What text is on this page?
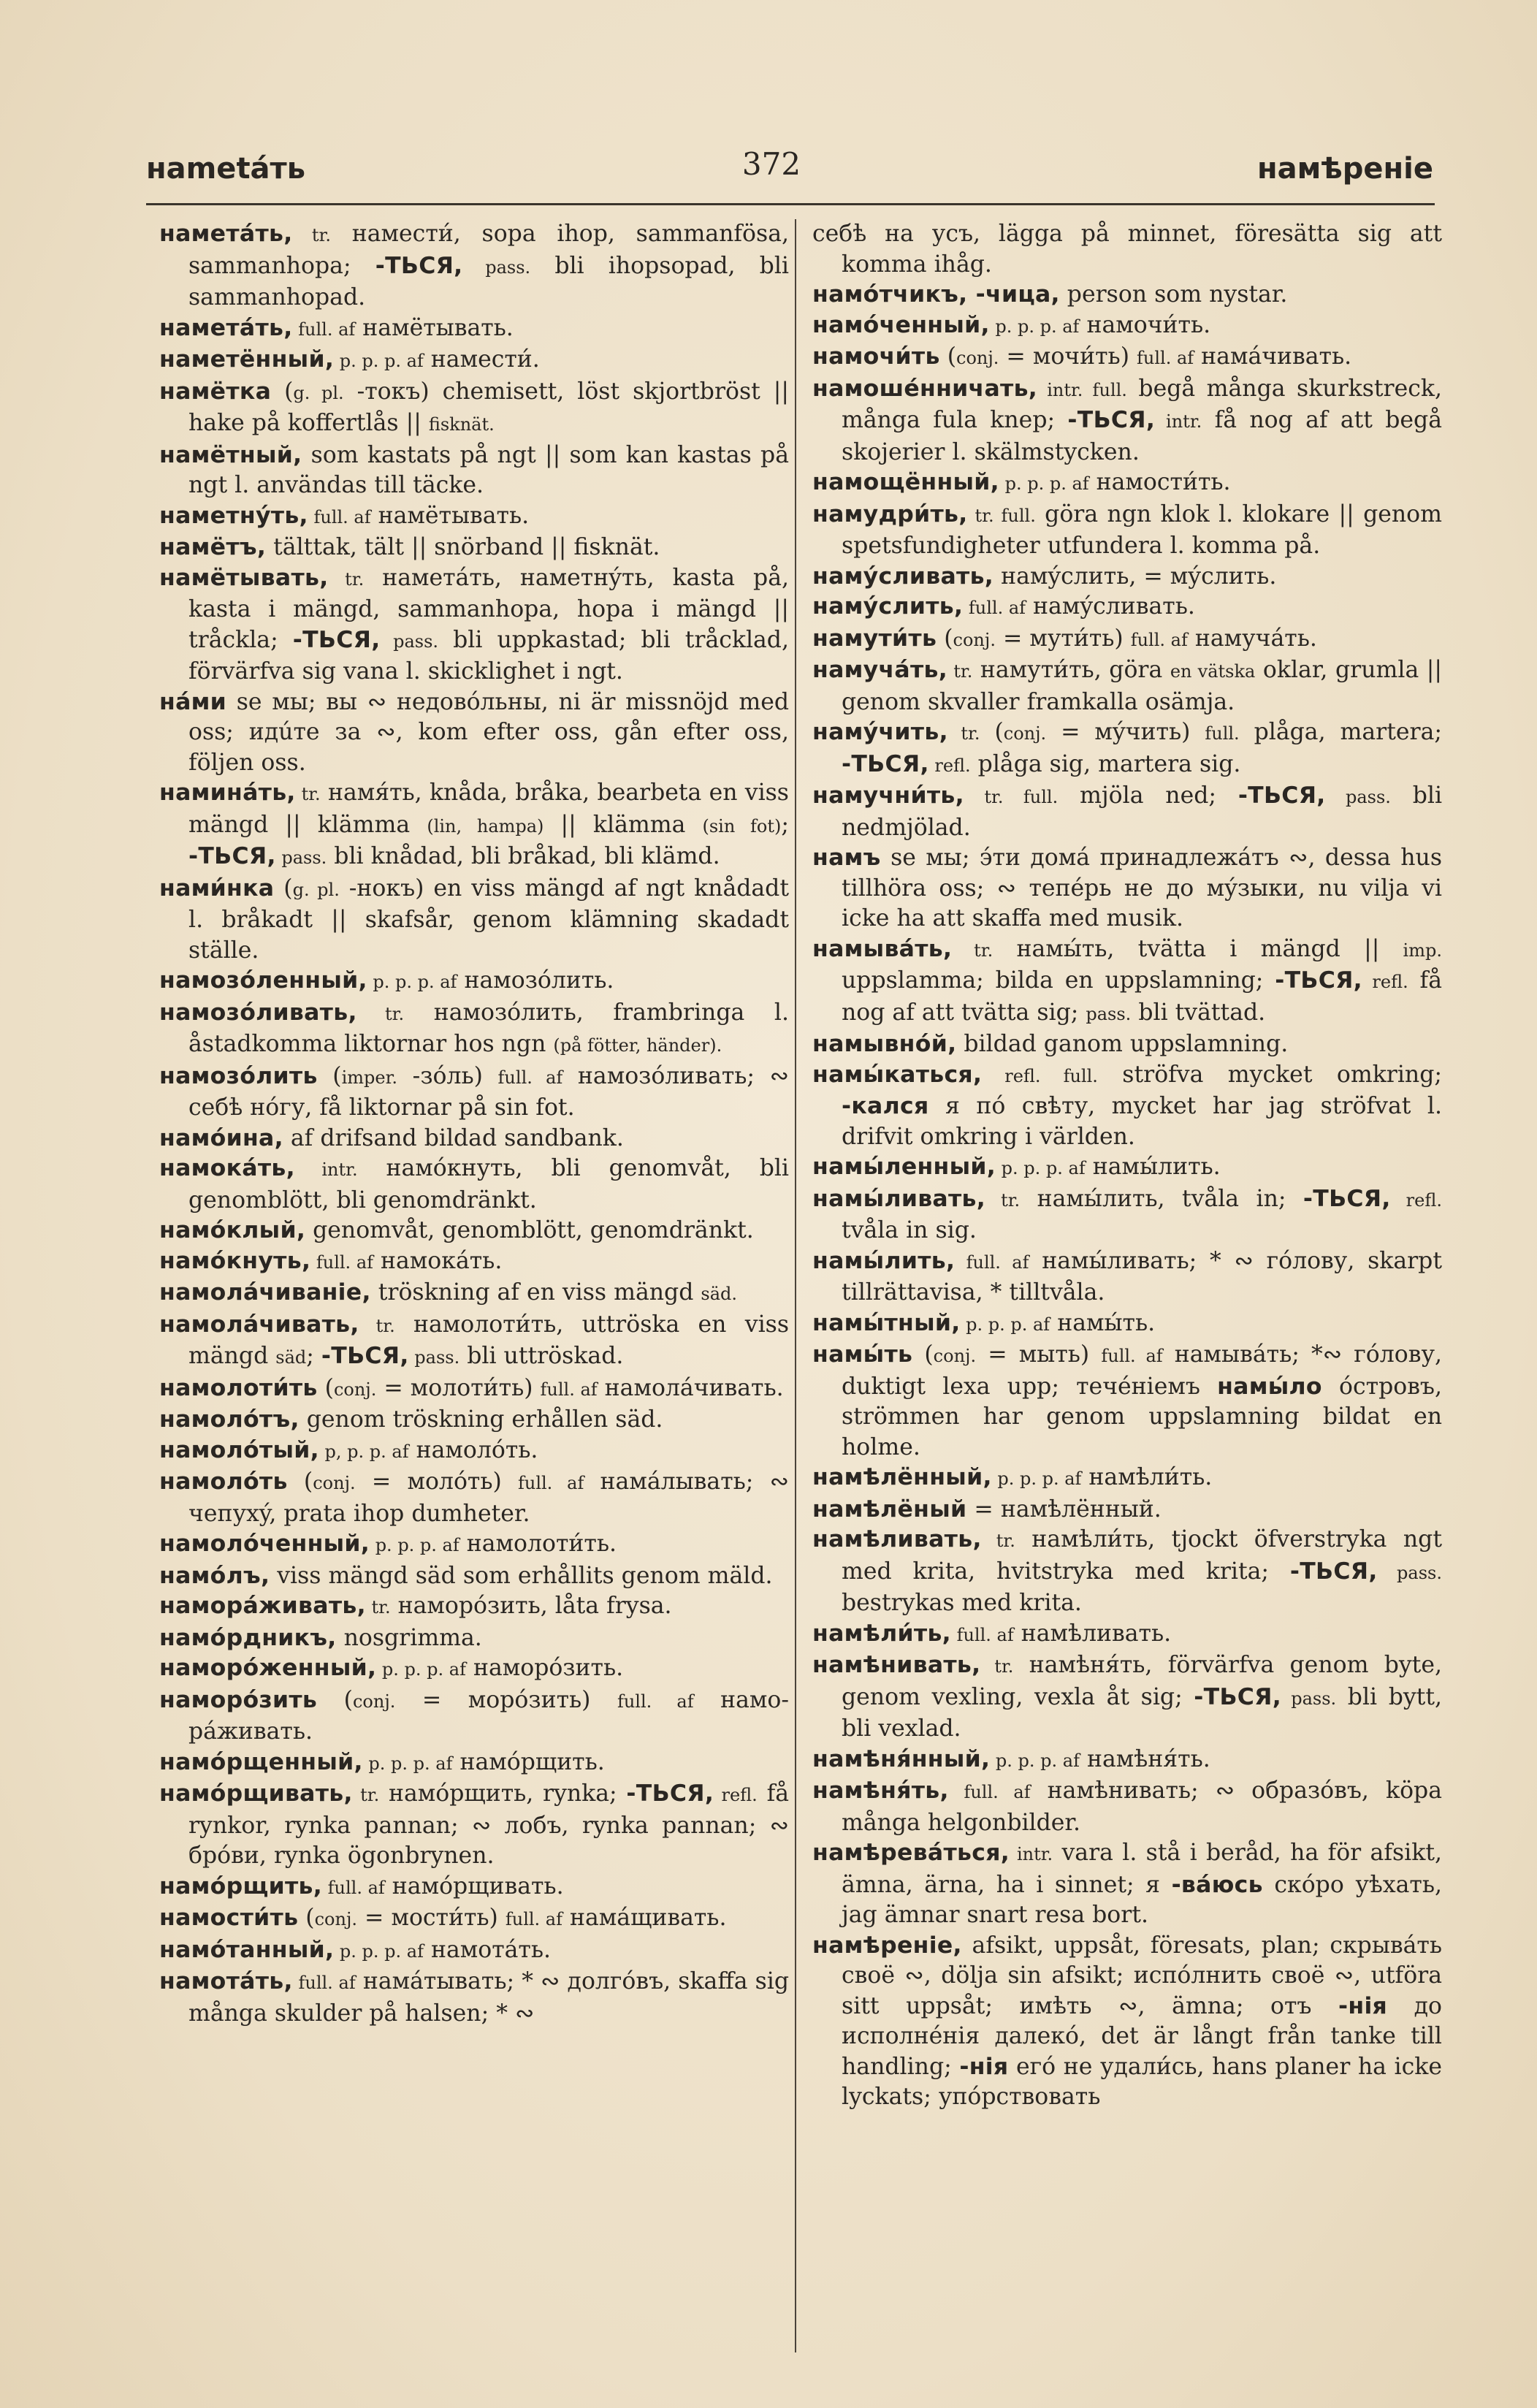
нametáть	372	намѣрeнiе

наметáть, tr. намести́, sopa ihop, sammanfösa, sammanhopa; -ТЬСЯ, pass. bli ihopsopad, bli sammanhopad.

наметáть, full. af намётывать.

наметённый, p. p. p. af намести́.

намётка (g. pl. -токъ) chemisett, löst skjortbröst || hake på koffertlås || fisknät.

намётный, som kastats på ngt || som kan kastas på ngt l. användas till täcke.

наметнýть, full. af намётывать.

намётъ, tälttak, tält || snörband || fisknät.

намётывать, tr. наметáть, наметнýть, kasta på, kasta i mängd, sammanhopa, hopa i mängd || tråckla; -ТЬСЯ, pass. bli uppkastad; bli tråcklad, förvärfva sig vana l. skicklighet i ngt.

нáми se мы; вы ∾ недовóльны, ni är missnöjd med oss; идúте за ∾, kom efter oss, gån efter oss, följen oss.

наминáть, tr. намя́ть, knåda, bråka, bearbeta en viss mängd || klämma (lin, hampa) || klämma (sin fot); -ТЬСЯ, pass. bli knådad, bli bråkad, bli klämd.

нами́нка (g. pl. -нокъ) en viss mängd af ngt knådadt l. bråkadt || skafsår, genom klämning skadadt ställe.

намозóленный, p. p. p. af намозóлить.

намозóливать, tr. намозóлить, frambringa l. åstadkomma liktornar hos ngn (på fötter, händer).

намозóлить (imper. -зóль) full. af намозóливать; ∾ себѣ нóгу, få liktornar på sin fot.

намóина, af drifsand bildad sandbank.

намокáть, intr. намóкнуть, bli genomvåt, bli genomblött, bli genomdränkt.

намóклый, genomvåt, genomblött, genomdränkt.

намóкнуть, full. af намокáть.

намолáчиванiе, tröskning af en viss mängd säd.

намолáчивать, tr. намолоти́ть, uttröska en viss mängd säd; -ТЬСЯ, pass. bli uttröskad.

намолоти́ть (conj. = молоти́ть) full. af намолáчивать.

намолóтъ, genom tröskning erhållen säd.

намолóтый, p, p. p. af намолóть.

намолóть (conj. = молóть) full. af намáлывать; ∾ чепухý, prata ihop dumheter.

намолóченный, p. p. p. af намолоти́ть.

намóлъ, viss mängd säd som erhållits genom mäld.

наморáживать, tr. наморóзить, låta frysa.

намóрдникъ, nosgrimma.

наморóженный, p. p. p. af наморóзить.

наморóзить (conj. = морóзить) full. af наморáживать.

намóрщенный, p. p. p. af намóрщить.

намóрщивать, tr. намóрщить, rynka; -ТЬСЯ, refl. få rynkor, rynka pannan; ∾ лобъ, rynka pannan; ∾ брóви, rynka ögonbrynen.

намóрщить, full. af намóрщивать.

намости́ть (conj. = мости́ть) full. af намáщивать.

намóтанный, p. p. p. af намотáть.

намотáть, full. af намáтывать; * ∾ долгóвъ, skaffa sig många skulder på halsen; * ∾

себѣ на усъ, lägga på minnet, föresätta sig att komma ihåg.

намóтчикъ, -чица, person som nystar.

намóченный, p. p. p. af намочи́ть.

намочи́ть (conj. = мочи́ть) full. af намáчивать.

намошéнничать, intr. full. begå många skurkstreck, många fula knep; -ТЬСЯ, intr. få nog af att begå skojerier l. skälmstycken.

намощённый, p. p. p. af намости́ть.

намудри́ть, tr. full. göra ngn klok l. klokare || genom spetsfundigheter utfundera l. komma på.

намýсливать, намýслить, = мýслить.

намýслить, full. af намýсливать.

намути́ть (conj. = мути́ть) full. af намучáть.

намучáть, tr. намути́ть, göra en vätska oklar, grumla || genom skvaller framkalla osämja.

намýчить, tr. (conj. = мýчить) full. plåga, martera; -ТЬСЯ, refl. plåga sig, martera sig.

намучни́ть, tr. full. mjöla ned; -ТЬСЯ, pass. bli nedmjölad.

намъ se мы; э́ти домá принадлежáтъ ∾, dessa hus tillhöra oss; ∾ тепéрь не до мýзыки, nu vilja vi icke ha att skaffa med musik.

намывáть, tr. намы́ть, tvätta i mängd || imp. uppslamma; bilda en uppslamning; -ТЬСЯ, refl. få nog af att tvätta sig; pass. bli tvättad.

намывнóй, bildad ganom uppslamning.

намы́каться, refl. full. ströfva mycket omkring; -кался я пó свѣту, mycket har jag ströfvat l. drifvit omkring i världen.

намы́ленный, p. p. p. af намы́лить.

намы́ливать, tr. намы́лить, tvåla in; -ТЬСЯ, refl. tvåla in sig.

намы́лить, full. af намы́ливать; * ∾ гóлову, skarpt tillrättavisa, * tilltvåla.

намы́тный, p. p. p. af намы́ть.

намы́ть (conj. = мыть) full. af намывáть; *∾ гóлову, duktigt lexa upp; течéнiемъ намы́ло óстровъ, strömmen har genom uppslamning bildat en holme.

намѣлённый, p. p. p. af намѣли́ть.

намѣлёный = намѣлённый.

намѣливать, tr. намѣли́ть, tjockt öfverstryka ngt med krita, hvitstryka med krita; -ТЬСЯ, pass. bestrykas med krita.

намѣли́ть, full. af намѣливать.

намѣнивать, tr. намѣня́ть, förvärfva genom byte, genom vexling, vexla åt sig; -ТЬСЯ, pass. bli bytt, bli vexlad.

намѣня́нный, p. p. p. af намѣня́ть.

намѣня́ть, full. af намѣнивать; ∾ образóвъ, köpa många helgonbilder.

намѣревáться, intr. vara l. stå i beråd, ha för afsikt, ämna, ärna, ha i sinnet; я -вáюсь скóро уѣхать, jag ämnar snart resa bort.

намѣренiе, afsikt, uppsåt, föresats, plan; скрывáть своё ∾, dölja sin afsikt; испóлнить своё ∾, utföra sitt uppsåt; имѣть ∾, ämna; отъ -нiя до исполнéнiя далекó, det är långt från tanke till handling; -нiя егó не удали́сь, hans planer ha icke lyckats; упóрствовать
